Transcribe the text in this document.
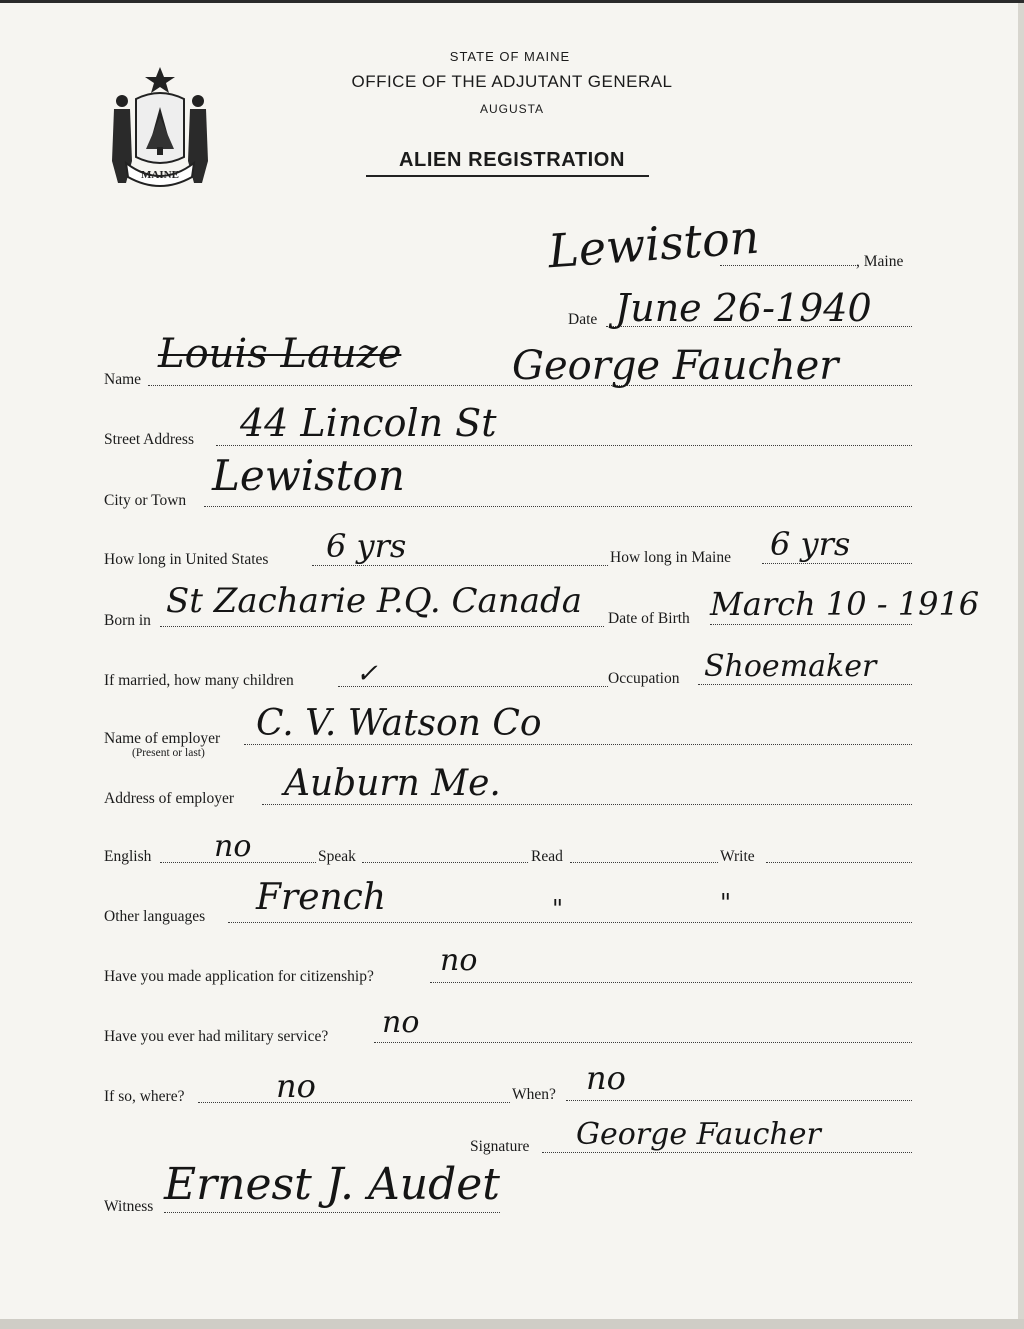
MAINE
STATE OF MAINE
OFFICE OF THE ADJUTANT GENERAL
AUGUSTA
ALIEN REGISTRATION
Lewiston	, Maine
Date June 26-1940
Name
Louis Lauze	George Faucher
Street Address 44 Lincoln St
City or Town
Lewiston
How long in United States 6 yrs	How long in Maine 6 yrs
Born in St Zacharie P.Q. Canada Date of Birth March 10 - 1916
If married, how many children ✓	Occupation Shoemaker
Name of employer
(Present or last)
C. V. Watson Co
Address of employer Auburn Me.
English no	Speak	Read	Write
Other languages French	"	"
Have you made application for citizenship? no
Have you ever had military service? no
If so, where?	no	When? no
Signature George Faucher
Witness Ernest J. Audet
